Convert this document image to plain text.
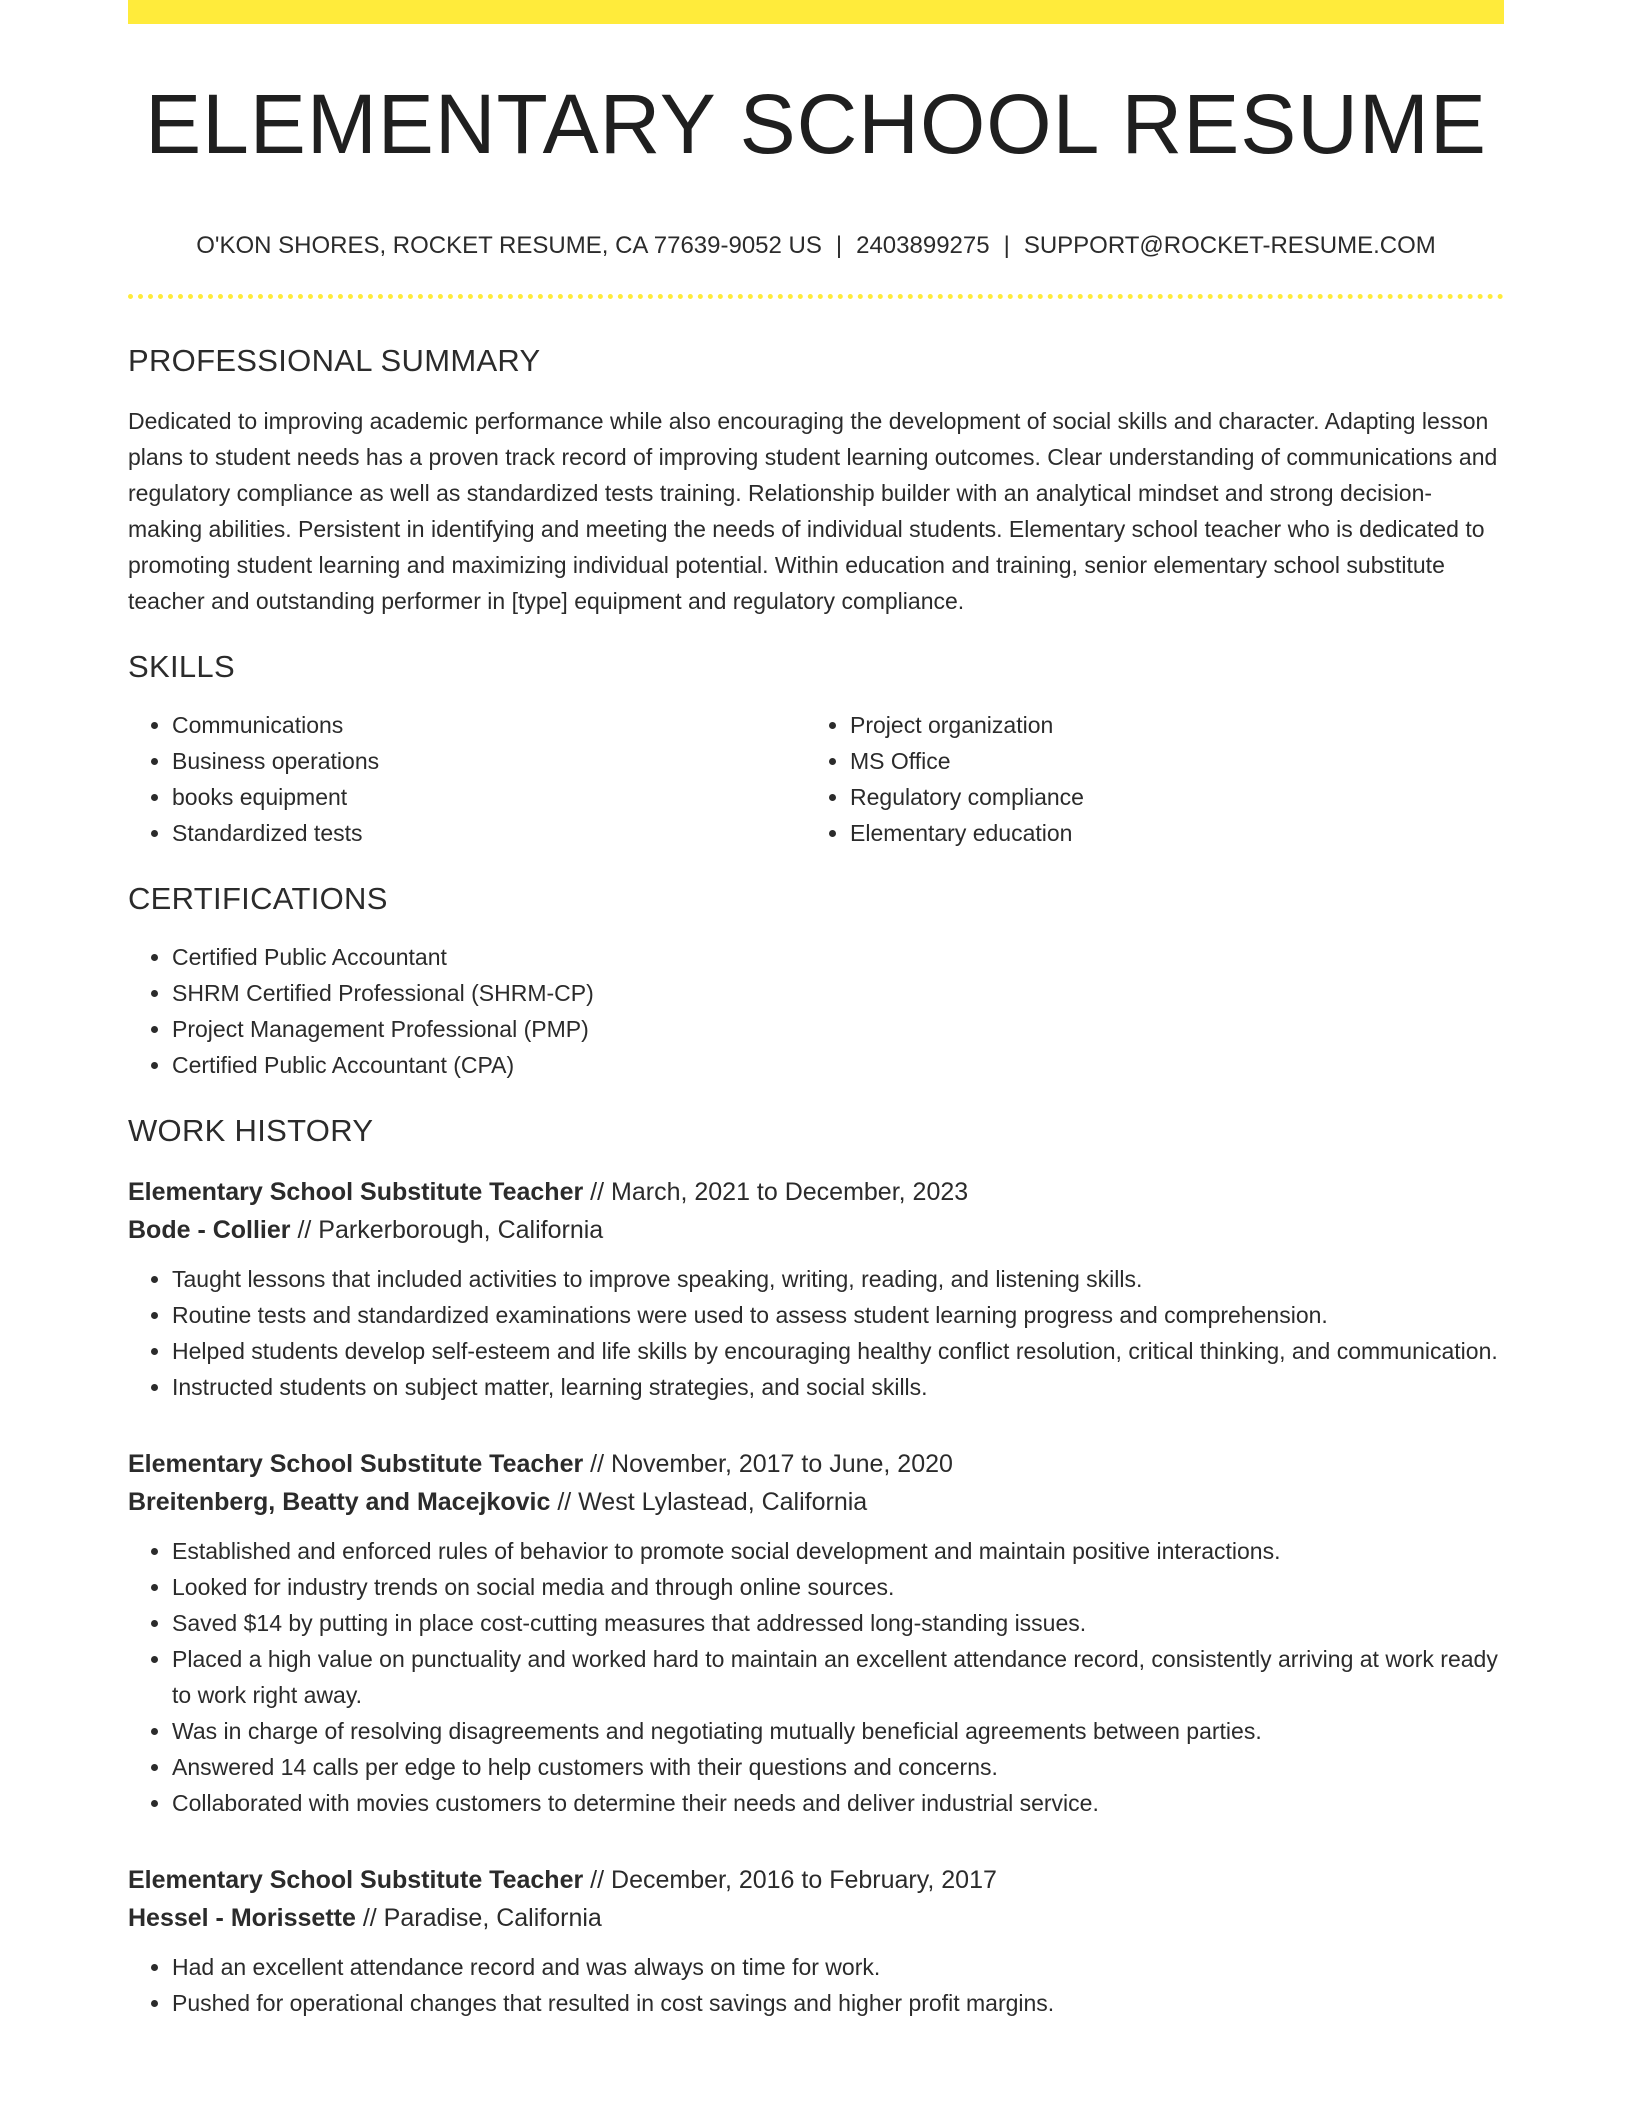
ELEMENTARY SCHOOL RESUME
O'KON SHORES, ROCKET RESUME, CA 77639-9052 US | 2403899275 | SUPPORT@ROCKET-RESUME.COM
PROFESSIONAL SUMMARY

Dedicated to improving academic performance while also encouraging the development of social skills and character. Adapting lesson plans to student needs has a proven track record of improving student learning outcomes. Clear understanding of communications and regulatory compliance as well as standardized tests training. Relationship builder with an analytical mindset and strong decision-making abilities. Persistent in identifying and meeting the needs of individual students. Elementary school teacher who is dedicated to promoting student learning and maximizing individual potential. Within education and training, senior elementary school substitute teacher and outstanding performer in [type] equipment and regulatory compliance.

SKILLS
• Communications
• Business operations
• books equipment
• Standardized tests
• Project organization
• MS Office
• Regulatory compliance
• Elementary education
CERTIFICATIONS
• Certified Public Accountant
• SHRM Certified Professional (SHRM-CP)
• Project Management Professional (PMP)
• Certified Public Accountant (CPA)
WORK HISTORY
Elementary School Substitute Teacher // March, 2021 to December, 2023
Bode - Collier // Parkerborough, California
• Taught lessons that included activities to improve speaking, writing, reading, and listening skills.
• Routine tests and standardized examinations were used to assess student learning progress and comprehension.
• Helped students develop self-esteem and life skills by encouraging healthy conflict resolution, critical thinking, and communication.
• Instructed students on subject matter, learning strategies, and social skills.
Elementary School Substitute Teacher // November, 2017 to June, 2020
Breitenberg, Beatty and Macejkovic // West Lylastead, California
• Established and enforced rules of behavior to promote social development and maintain positive interactions.
• Looked for industry trends on social media and through online sources.
• Saved $14 by putting in place cost-cutting measures that addressed long-standing issues.
• Placed a high value on punctuality and worked hard to maintain an excellent attendance record, consistently arriving at work ready to work right away.
• Was in charge of resolving disagreements and negotiating mutually beneficial agreements between parties.
• Answered 14 calls per edge to help customers with their questions and concerns.
• Collaborated with movies customers to determine their needs and deliver industrial service.
Elementary School Substitute Teacher // December, 2016 to February, 2017
Hessel - Morissette // Paradise, California
• Had an excellent attendance record and was always on time for work.
• Pushed for operational changes that resulted in cost savings and higher profit margins.
